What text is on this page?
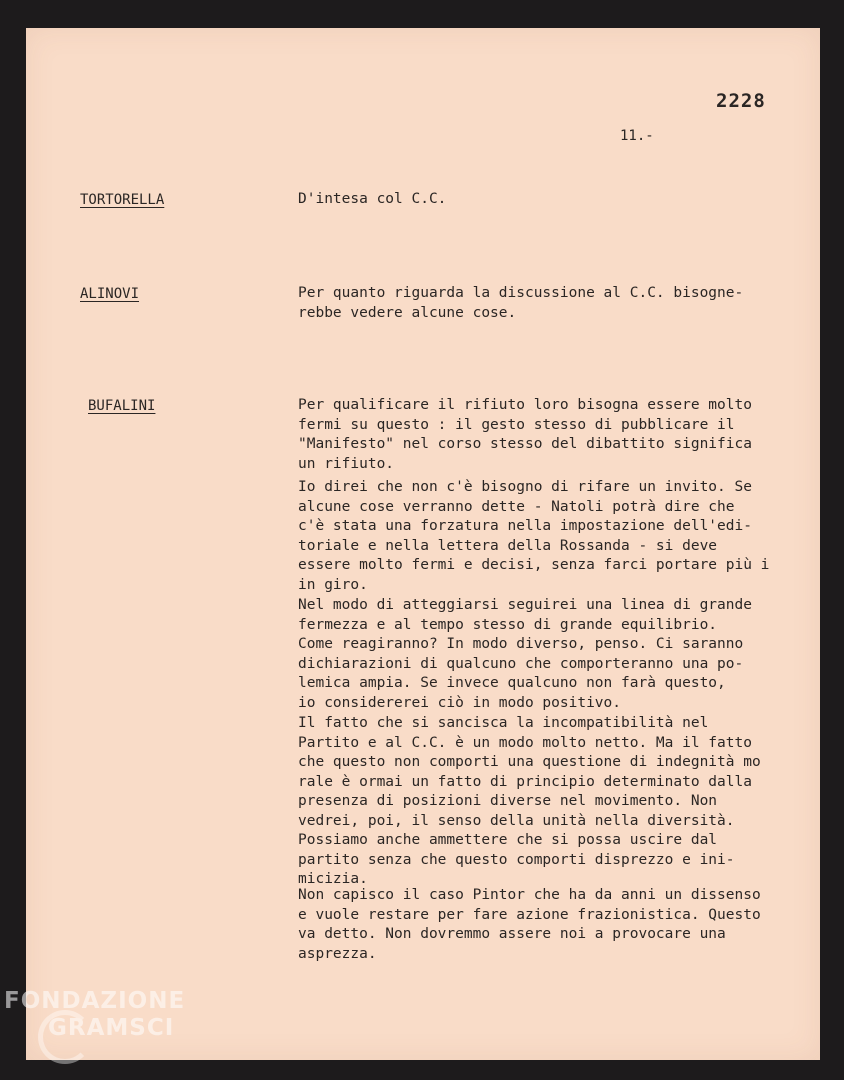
2228
11.-
TORTORELLA	D'intesa col C.C.
ALINOVI	Per quanto riguarda la discussione al C.C. bisogne-
rebbe vedere alcune cose.
BUFALINI	Per qualificare il rifiuto loro bisogna essere molto
fermi su questo : il gesto stesso di pubblicare il
"Manifesto" nel corso stesso del dibattito significa
un rifiuto.
Io direi che non c'è bisogno di rifare un invito. Se
alcune cose verranno dette - Natoli potrà dire che
c'è stata una forzatura nella impostazione dell'edi-
toriale e nella lettera della Rossanda - si deve
essere molto fermi e decisi, senza farci portare più i
in giro.
Nel modo di atteggiarsi seguirei una linea di grande
fermezza e al tempo stesso di grande equilibrio.
Come reagiranno? In modo diverso, penso. Ci saranno
dichiarazioni di qualcuno che comporteranno una po-
lemica ampia. Se invece qualcuno non farà questo,
io considererei ciò in modo positivo.
Il fatto che si sancisca la incompatibilità nel
Partito e al C.C. è un modo molto netto. Ma il fatto
che questo non comporti una questione di indegnità mo
rale è ormai un fatto di principio determinato dalla
presenza di posizioni diverse nel movimento. Non
vedrei, poi, il senso della unità nella diversità.
Possiamo anche ammettere che si possa uscire dal
partito senza che questo comporti disprezzo e ini-
micizia.
Non capisco il caso Pintor che ha da anni un dissenso
e vuole restare per fare azione frazionistica. Questo
va detto. Non dovremmo assere noi a provocare una
asprezza.
FONDAZIONE
GRAMSCI
